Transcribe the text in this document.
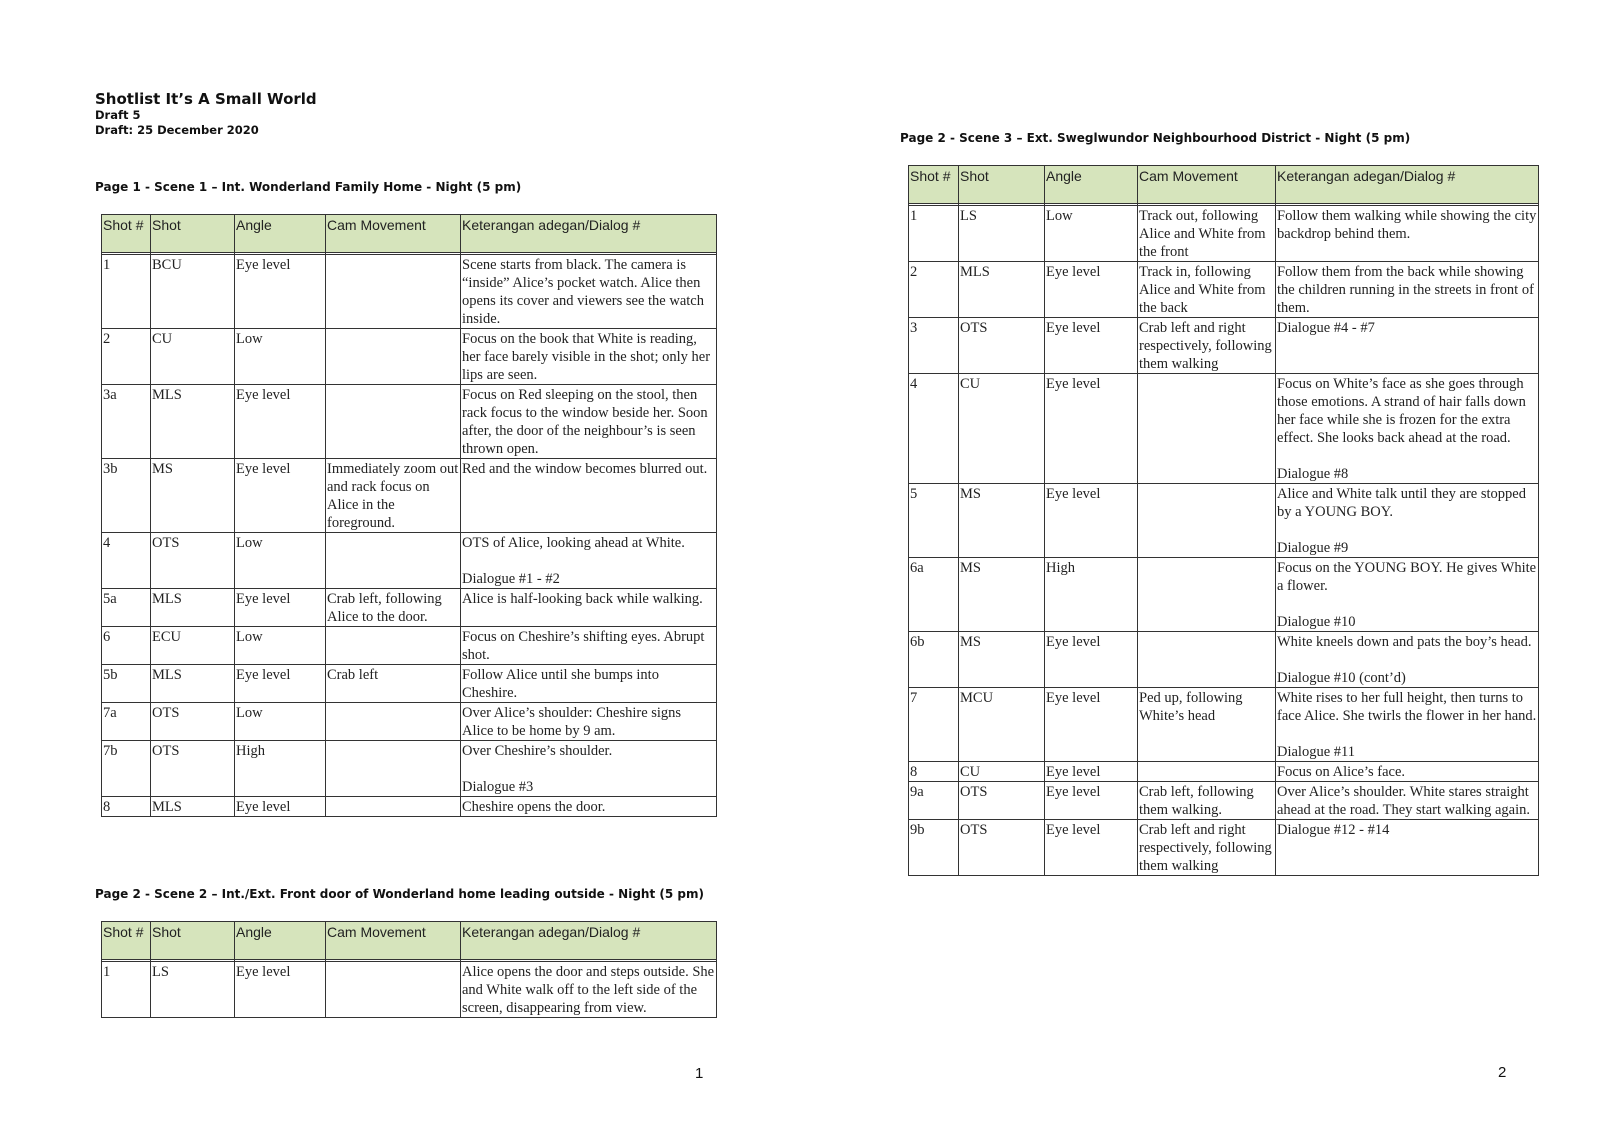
Shotlist It’s A Small World
Draft 5
Draft: 25 December 2020
Page 1 - Scene 1 – Int. Wonderland Family Home - Night (5 pm)
Shot #	Shot	Angle	Cam Movement	Keterangan adegan/Dialog #

1	BCU	Eye level		Scene starts from black. The camera is “inside” Alice’s pocket watch. Alice then opens its cover and viewers see the watch inside.
2	CU	Low		Focus on the book that White is reading, her face barely visible in the shot; only her lips are seen.
3a	MLS	Eye level		Focus on Red sleeping on the stool, then rack focus to the window beside her. Soon after, the door of the neighbour’s is seen thrown open.
3b	MS	Eye level	Immediately zoom out and rack focus on Alice in the foreground.	Red and the window becomes blurred out.
4	OTS	Low		OTS of Alice, looking ahead at White.

Dialogue #1 - #2
5a	MLS	Eye level	Crab left, following Alice to the door.	Alice is half-looking back while walking.
6	ECU	Low		Focus on Cheshire’s shifting eyes. Abrupt shot.
5b	MLS	Eye level	Crab left	Follow Alice until she bumps into Cheshire.
7a	OTS	Low		Over Alice’s shoulder: Cheshire signs Alice to be home by 9 am.
7b	OTS	High		Over Cheshire’s shoulder.

Dialogue #3
8	MLS	Eye level		Cheshire opens the door.
Page 2 - Scene 2 – Int./Ext. Front door of Wonderland home leading outside - Night (5 pm)
Shot #	Shot	Angle	Cam Movement	Keterangan adegan/Dialog #

1	LS	Eye level		Alice opens the door and steps outside. She and White walk off to the left side of the screen, disappearing from view.
Page 2 - Scene 3 – Ext. Sweglwundor Neighbourhood District - Night (5 pm)
Shot #	Shot	Angle	Cam Movement	Keterangan adegan/Dialog #

1	LS	Low	Track out, following Alice and White from the front	Follow them walking while showing the city backdrop behind them.
2	MLS	Eye level	Track in, following Alice and White from the back	Follow them from the back while showing the children running in the streets in front of them.
3	OTS	Eye level	Crab left and right respectively, following them walking	Dialogue #4 - #7
4	CU	Eye level		Focus on White’s face as she goes through those emotions. A strand of hair falls down her face while she is frozen for the extra effect. She looks back ahead at the road.

Dialogue #8
5	MS	Eye level		Alice and White talk until they are stopped by a YOUNG BOY.

Dialogue #9
6a	MS	High		Focus on the YOUNG BOY. He gives White a flower.

Dialogue #10
6b	MS	Eye level		White kneels down and pats the boy’s head.

Dialogue #10 (cont’d)
7	MCU	Eye level	Ped up, following White’s head	White rises to her full height, then turns to face Alice. She twirls the flower in her hand.

Dialogue #11
8	CU	Eye level		Focus on Alice’s face.
9a	OTS	Eye level	Crab left, following them walking.	Over Alice’s shoulder. White stares straight ahead at the road. They start walking again.
9b	OTS	Eye level	Crab left and right respectively, following them walking	Dialogue #12 - #14
1	2
